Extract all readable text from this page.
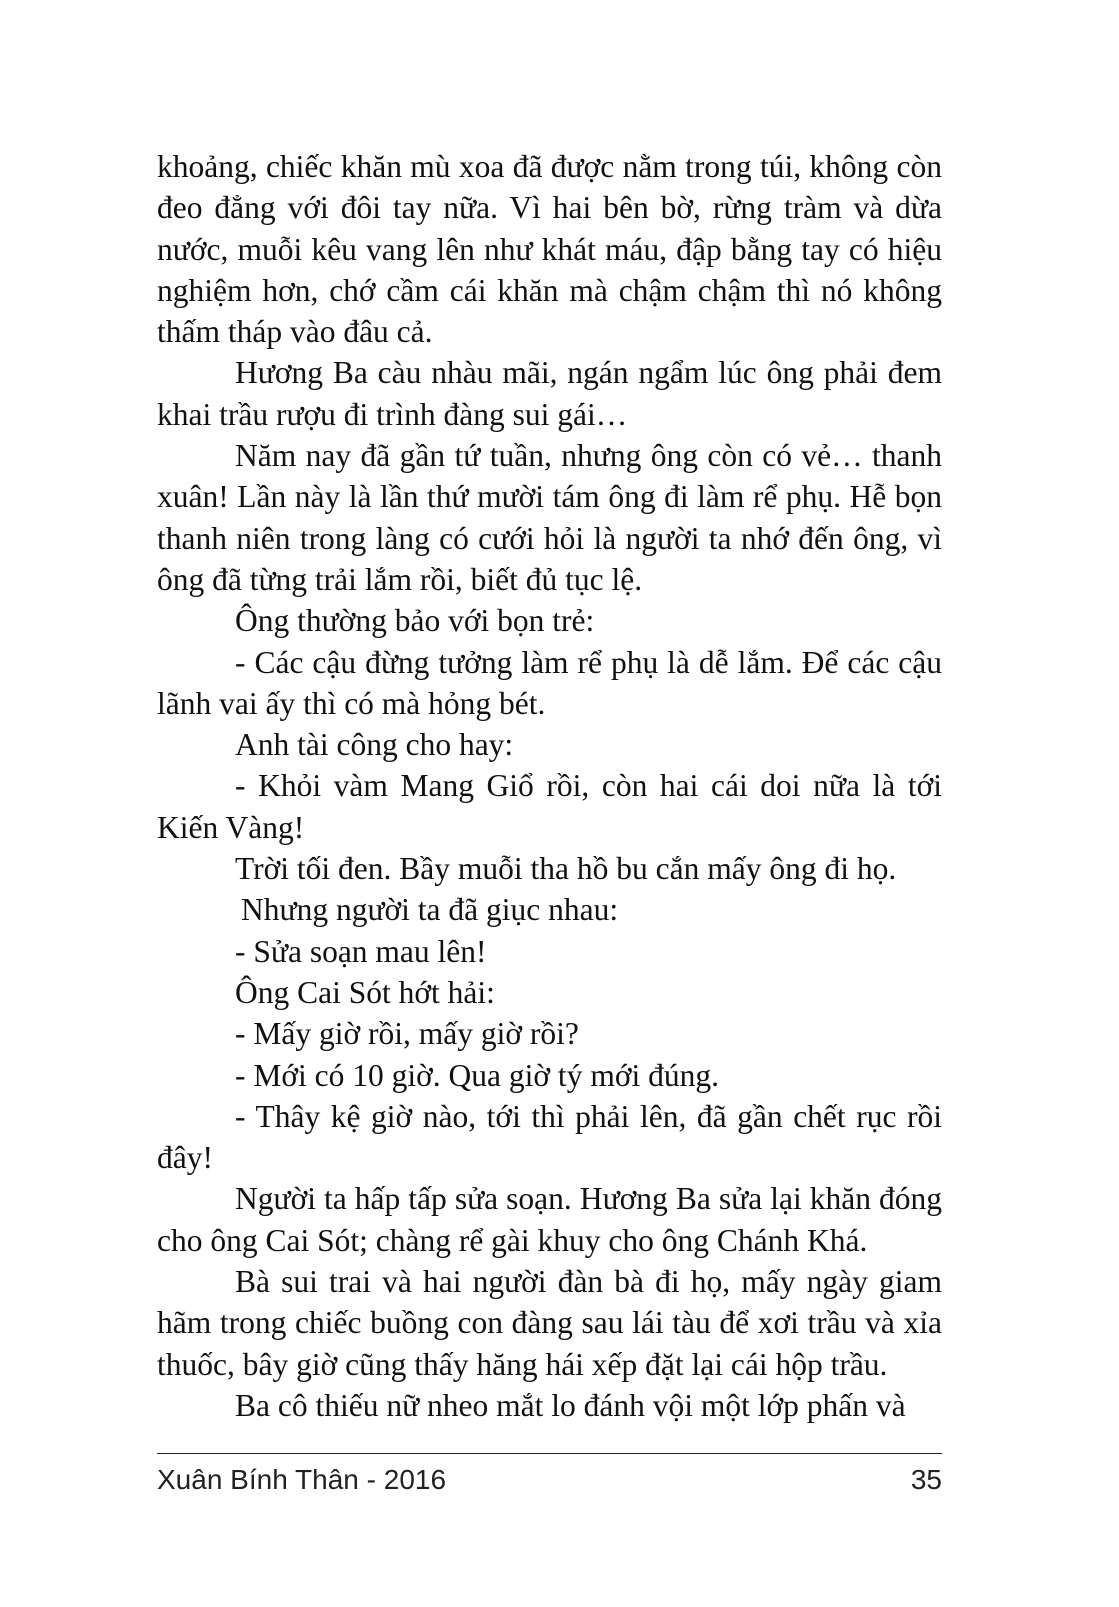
khoảng, chiếc khăn mù xoa đã được nằm trong túi, không còn đeo đẳng với đôi tay nữa. Vì hai bên bờ, rừng tràm và dừa nước, muỗi kêu vang lên như khát máu, đập bằng tay có hiệu nghiệm hơn, chớ cầm cái khăn mà chậm chậm thì nó không thấm tháp vào đâu cả.

Hương Ba càu nhàu mãi, ngán ngẩm lúc ông phải đem khai trầu rượu đi trình đàng sui gái…

Năm nay đã gần tứ tuần, nhưng ông còn có vẻ… thanh xuân! Lần này là lần thứ mười tám ông đi làm rể phụ. Hễ bọn thanh niên trong làng có cưới hỏi là người ta nhớ đến ông, vì ông đã từng trải lắm rồi, biết đủ tục lệ.

Ông thường bảo với bọn trẻ:

- Các cậu đừng tưởng làm rể phụ là dễ lắm. Để các cậu lãnh vai ấy thì có mà hỏng bét.

Anh tài công cho hay:

- Khỏi vàm Mang Giổ rồi, còn hai cái doi nữa là tới Kiến Vàng!

Trời tối đen. Bầy muỗi tha hồ bu cắn mấy ông đi họ.

Nhưng người ta đã giục nhau:

- Sửa soạn mau lên!

Ông Cai Sót hớt hải:

- Mấy giờ rồi, mấy giờ rồi?

- Mới có 10 giờ. Qua giờ tý mới đúng.

- Thây kệ giờ nào, tới thì phải lên, đã gần chết rục rồi đây!

Người ta hấp tấp sửa soạn. Hương Ba sửa lại khăn đóng cho ông Cai Sót; chàng rể gài khuy cho ông Chánh Khá.

Bà sui trai và hai người đàn bà đi họ, mấy ngày giam hãm trong chiếc buồng con đàng sau lái tàu để xơi trầu và xỉa thuốc, bây giờ cũng thấy hăng hái xếp đặt lại cái hộp trầu.

Ba cô thiếu nữ nheo mắt lo đánh vội một lớp phấn và

Xuân Bính Thân - 2016	35
